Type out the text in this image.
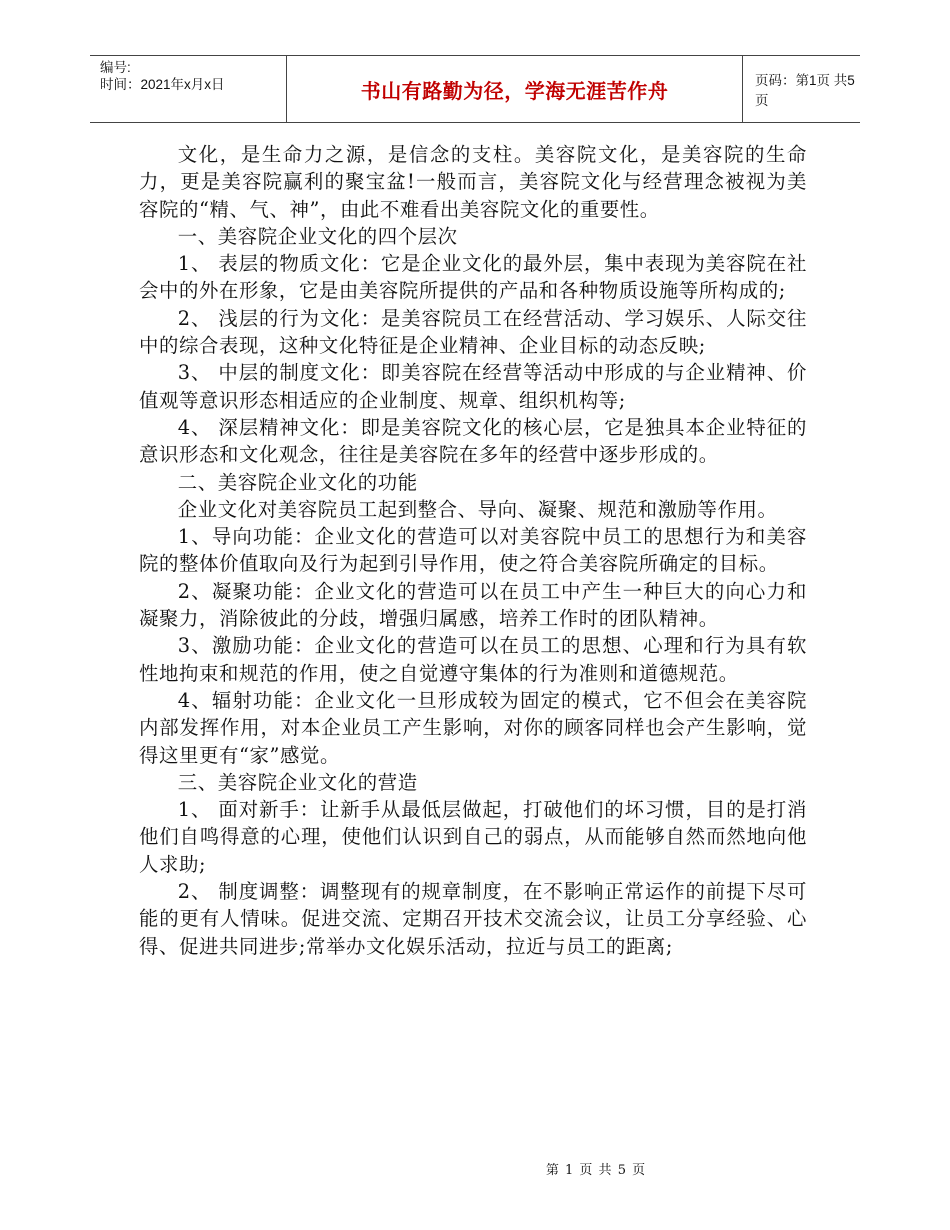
编号:
时间：2021年x月x日	书山有路勤为径，学海无涯苦作舟	页码：第1页 共5页

文化，是生命力之源，是信念的支柱。美容院文化，是美容院的生命力，更是美容院赢利的聚宝盆!一般而言，美容院文化与经营理念被视为美容院的“精、气、神”，由此不难看出美容院文化的重要性。

一、美容院企业文化的四个层次

1、 表层的物质文化：它是企业文化的最外层，集中表现为美容院在社会中的外在形象，它是由美容院所提供的产品和各种物质设施等所构成的;

2、 浅层的行为文化：是美容院员工在经营活动、学习娱乐、人际交往中的综合表现，这种文化特征是企业精神、企业目标的动态反映;

3、 中层的制度文化：即美容院在经营等活动中形成的与企业精神、价值观等意识形态相适应的企业制度、规章、组织机构等;

4、 深层精神文化：即是美容院文化的核心层，它是独具本企业特征的意识形态和文化观念，往往是美容院在多年的经营中逐步形成的。

二、美容院企业文化的功能

企业文化对美容院员工起到整合、导向、凝聚、规范和激励等作用。

1、导向功能：企业文化的营造可以对美容院中员工的思想行为和美容院的整体价值取向及行为起到引导作用，使之符合美容院所确定的目标。

2、凝聚功能：企业文化的营造可以在员工中产生一种巨大的向心力和凝聚力，消除彼此的分歧，增强归属感，培养工作时的团队精神。

3、激励功能：企业文化的营造可以在员工的思想、心理和行为具有软性地拘束和规范的作用，使之自觉遵守集体的行为准则和道德规范。

4、辐射功能：企业文化一旦形成较为固定的模式，它不但会在美容院内部发挥作用，对本企业员工产生影响，对你的顾客同样也会产生影响，觉得这里更有“家”感觉。

三、美容院企业文化的营造

1、 面对新手：让新手从最低层做起，打破他们的坏习惯，目的是打消他们自鸣得意的心理，使他们认识到自己的弱点，从而能够自然而然地向他人求助;

2、 制度调整：调整现有的规章制度，在不影响正常运作的前提下尽可能的更有人情味。促进交流、定期召开技术交流会议，让员工分享经验、心得、促进共同进步;常举办文化娱乐活动，拉近与员工的距离;

第 1 页 共 5 页
